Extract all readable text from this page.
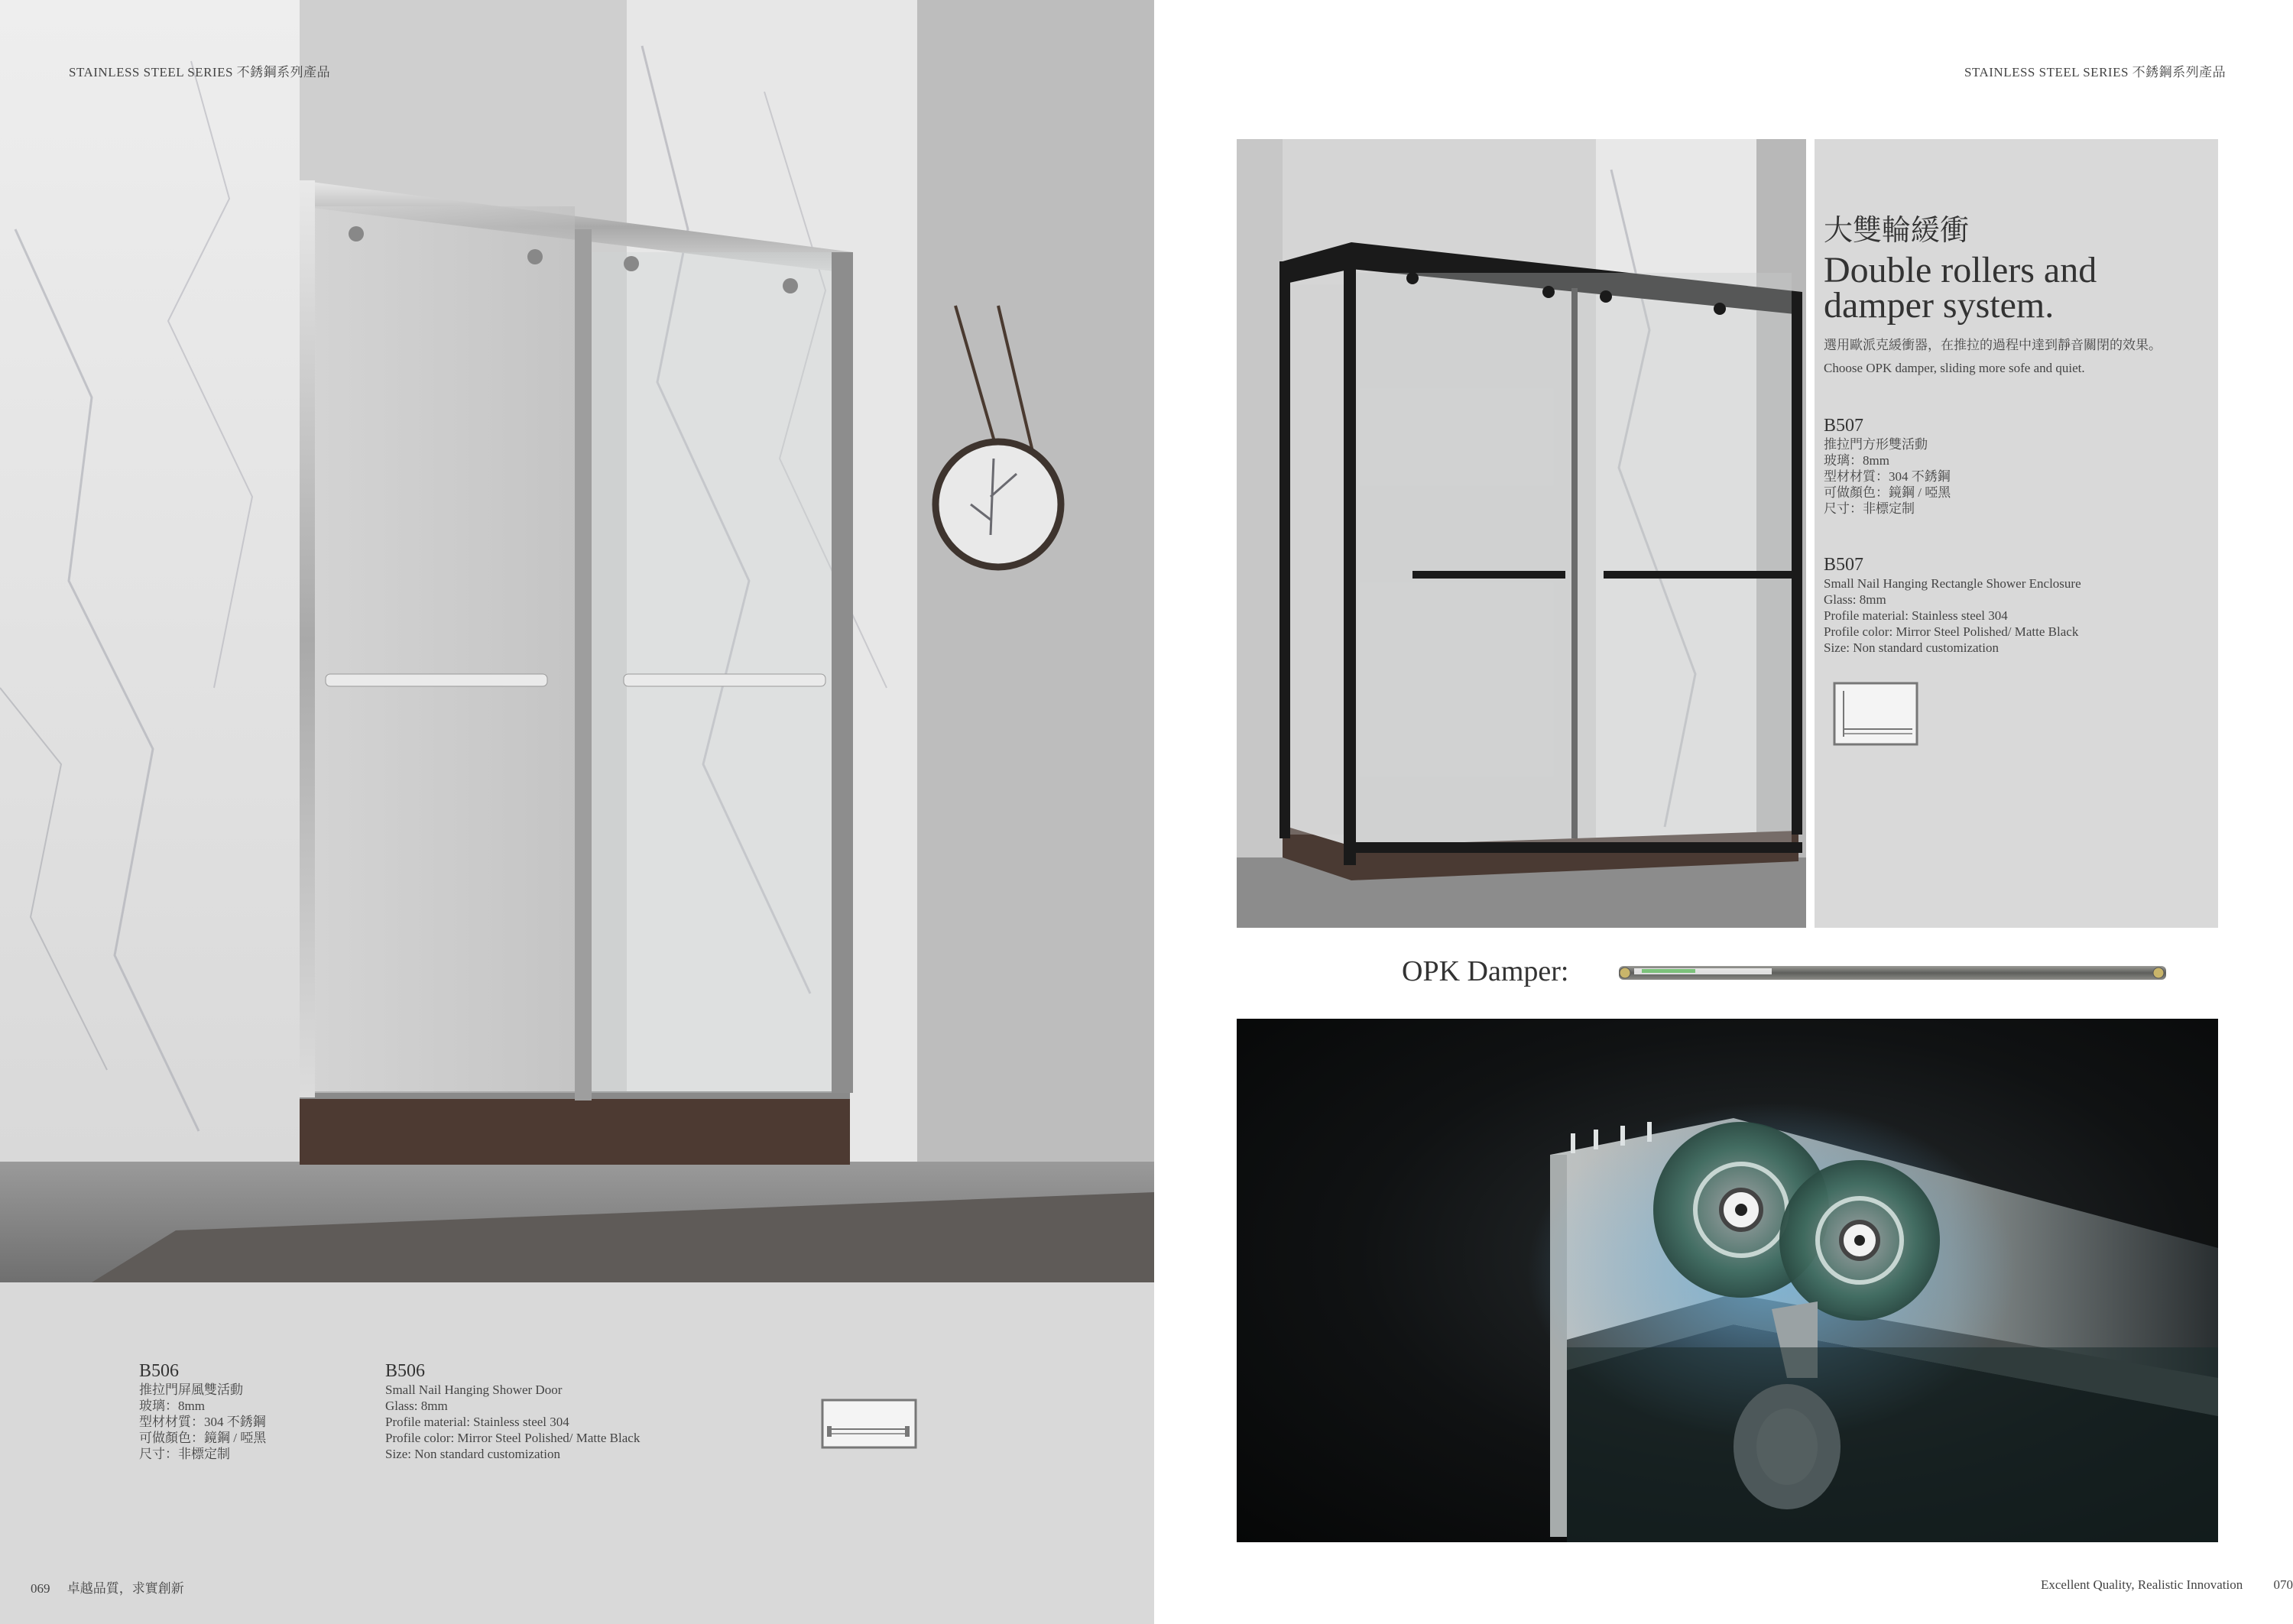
STAINLESS STEEL SERIES 不銹鋼系列產品
B506
推拉門屏風雙活動
玻璃：8mm
型材材質：304 不銹鋼
可做顏色：鏡鋼 / 啞黑
尺寸：非標定制
B506
Small Nail Hanging Shower Door
Glass: 8mm
Profile material: Stainless steel 304
Profile color: Mirror Steel Polished/ Matte Black
Size: Non standard customization
069 卓越品質，求實創新
STAINLESS STEEL SERIES 不銹鋼系列產品
大雙輪緩衝
Double rollers and
damper system.
選用歐派克緩衝器，在推拉的過程中達到靜音關閉的效果。
Choose OPK damper, sliding more sofe and quiet.
B507
推拉門方形雙活動
玻璃：8mm
型材材質：304 不銹鋼
可做顏色：鏡鋼 / 啞黑
尺寸：非標定制
B507
Small Nail Hanging Rectangle Shower Enclosure
Glass: 8mm
Profile material: Stainless steel 304
Profile color: Mirror Steel Polished/ Matte Black
Size: Non standard customization
OPK Damper:
Excellent Quality, Realistic Innovation 070
